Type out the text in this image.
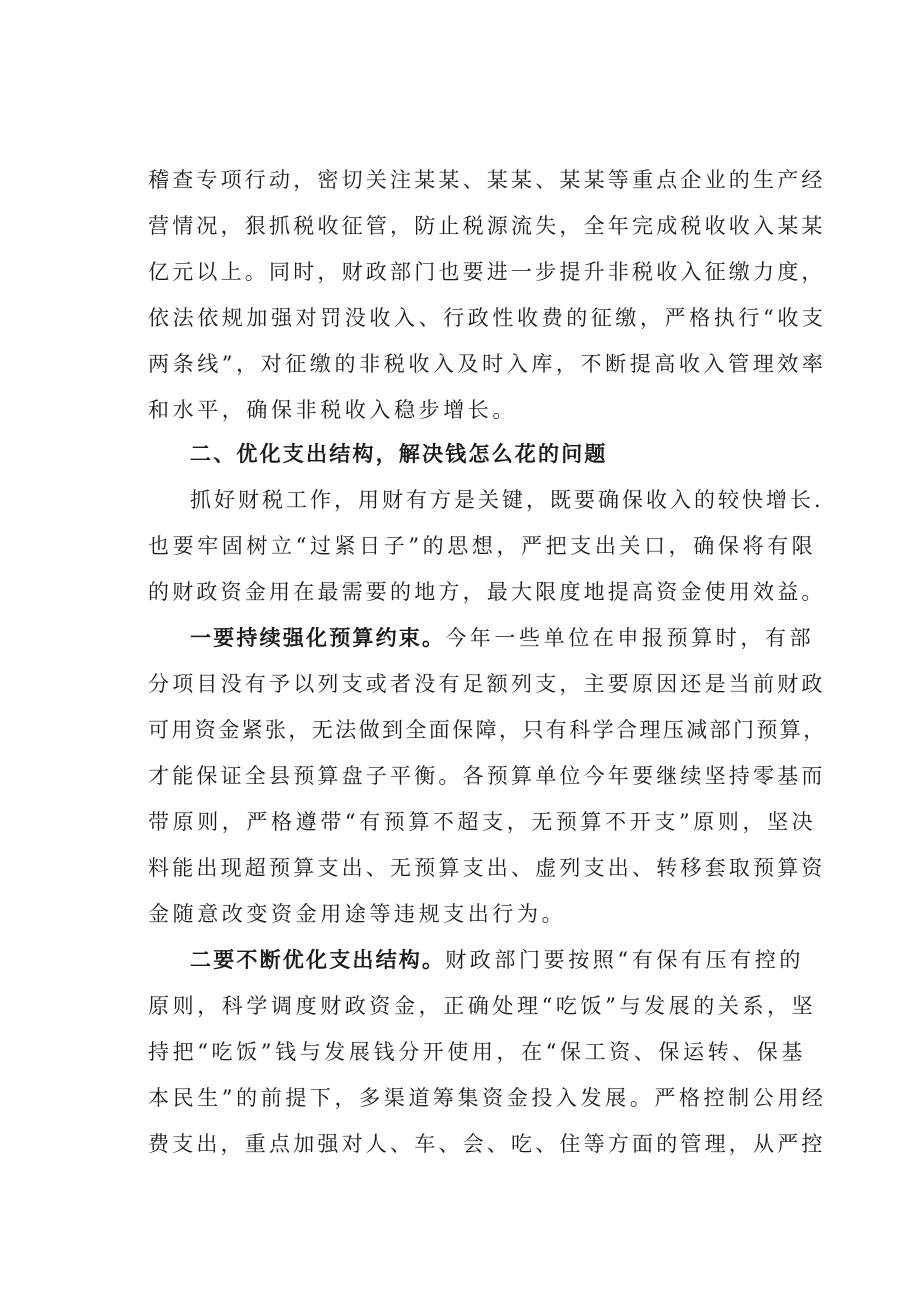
稽查专项行动，密切关注某某、某某、某某等重点企业的生产经
营情况，狠抓税收征管，防止税源流失，全年完成税收收入某某
亿元以上。同时，财政部门也要进一步提升非税收入征缴力度，
依法依规加强对罚没收入、行政性收费的征缴，严格执行“收支
两条线”，对征缴的非税收入及时入库，不断提高收入管理效率
和水平，确保非税收入稳步增长。
二、优化支出结构，解决钱怎么花的问题
抓好财税工作，用财有方是关键，既要确保收入的较快增长.
也要牢固树立“过紧日子”的思想，严把支出关口，确保将有限
的财政资金用在最需要的地方，最大限度地提高资金使用效益。
一要持续强化预算约束。今年一些单位在申报预算时，有部
分项目没有予以列支或者没有足额列支，主要原因还是当前财政
可用资金紧张，无法做到全面保障，只有科学合理压减部门预算，
才能保证全县预算盘子平衡。各预算单位今年要继续坚持零基而
带原则，严格遵带“有预算不超支，无预算不开支”原则，坚决
料能出现超预算支出、无预算支出、虚列支出、转移套取预算资
金随意改变资金用途等违规支出行为。
二要不断优化支出结构。财政部门要按照“有保有压有控的
原则，科学调度财政资金，正确处理“吃饭”与发展的关系，坚
持把“吃饭”钱与发展钱分开使用，在“保工资、保运转、保基
本民生”的前提下，多渠道筹集资金投入发展。严格控制公用经
费支出，重点加强对人、车、会、吃、住等方面的管理，从严控
